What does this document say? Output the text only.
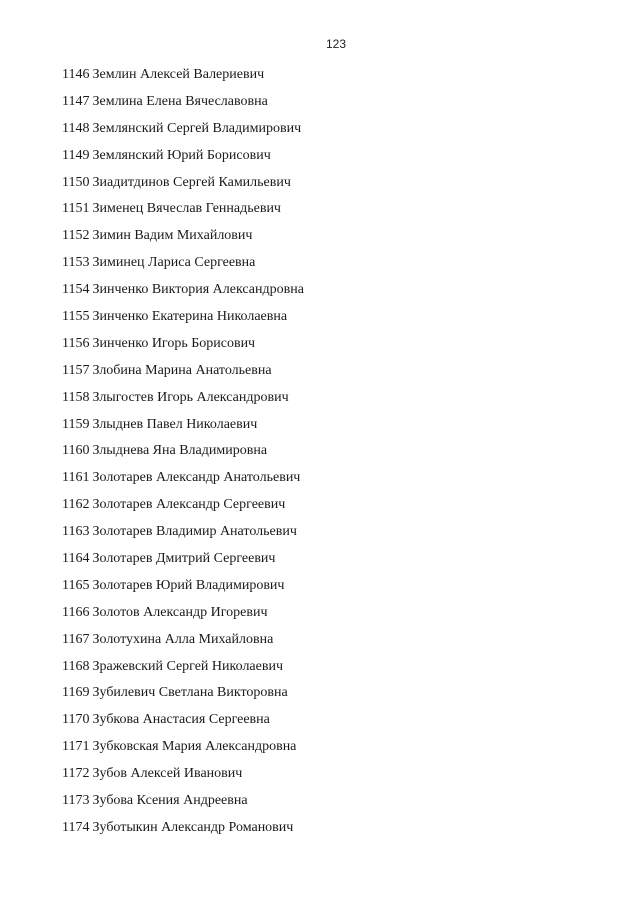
123
1146 Землин Алексей Валериевич
1147 Землина Елена Вячеславовна
1148 Землянский Сергей Владимирович
1149 Землянский Юрий Борисович
1150 Зиадитдинов Сергей Камильевич
1151 Зименец Вячеслав Геннадьевич
1152 Зимин Вадим Михайлович
1153 Зиминец Лариса Сергеевна
1154 Зинченко Виктория Александровна
1155 Зинченко Екатерина Николаевна
1156 Зинченко Игорь Борисович
1157 Злобина Марина Анатольевна
1158 Злыгостев Игорь Александрович
1159 Злыднев Павел Николаевич
1160 Злыднева Яна Владимировна
1161 Золотарев Александр Анатольевич
1162 Золотарев Александр Сергеевич
1163 Золотарев Владимир Анатольевич
1164 Золотарев Дмитрий Сергеевич
1165 Золотарев Юрий Владимирович
1166 Золотов Александр Игоревич
1167 Золотухина Алла Михайловна
1168 Зражевский Сергей Николаевич
1169 Зубилевич Светлана Викторовна
1170 Зубкова Анастасия Сергеевна
1171 Зубковская Мария Александровна
1172 Зубов Алексей Иванович
1173 Зубова Ксения Андреевна
1174 Зуботыкин Александр Романович
